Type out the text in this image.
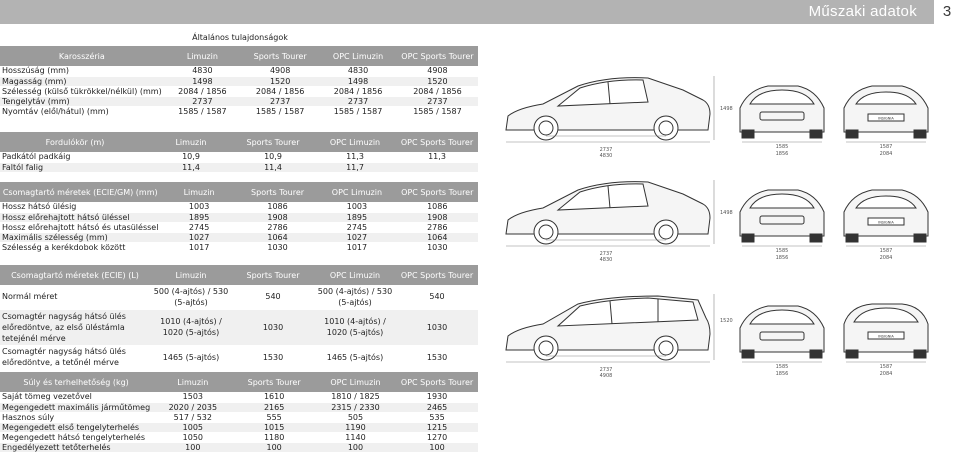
Műszaki adatok	3
Általános tulajdonságok
Karosszéria	Limuzin	Sports Tourer	OPC Limuzin	OPC Sports Tourer
Hosszúság (mm)	4830	4908	4830	4908
Magasság (mm)	1498	1520	1498	1520
Szélesség (külső tükrökkel/nélkül) (mm)	2084 / 1856	2084 / 1856	2084 / 1856	2084 / 1856
Tengelytáv (mm)	2737	2737	2737	2737
Nyomtáv (elől/hátul) (mm)	1585 / 1587	1585 / 1587	1585 / 1587	1585 / 1587
Fordulókör (m)	Limuzin	Sports Tourer	OPC Limuzin	OPC Sports Tourer
Padkától padkáig	10,9	10,9	11,3	11,3
Faltól falig	11,4	11,4	11,7	
Csomagtartó méretek (ECIE/GM) (mm)	Limuzin	Sports Tourer	OPC Limuzin	OPC Sports Tourer
Hossz hátsó ülésig	1003	1086	1003	1086
Hossz előrehajtott hátsó üléssel	1895	1908	1895	1908
Hossz előrehajtott hátsó és utasüléssel	2745	2786	2745	2786
Maximális szélesség (mm)	1027	1064	1027	1064
Szélesség a kerékdobok között	1017	1030	1017	1030
Csomagtartó méretek (ECIE) (L)	Limuzin	Sports Tourer	OPC Limuzin	OPC Sports Tourer
Normál méret	500 (4-ajtós) / 530 (5-ajtós)	540	500 (4-ajtós) / 530 (5-ajtós)	540
Csomagtér nagyság hátsó ülés előredöntve, az első üléstámla tetejénél mérve	1010 (4-ajtós) / 1020 (5-ajtós)	1030	1010 (4-ajtós) / 1020 (5-ajtós)	1030
Csomagtér nagyság hátsó ülés előredöntve, a tetőnél mérve	1465 (5-ajtós)	1530	1465 (5-ajtós)	1530
Súly és terhelhetőség (kg)	Limuzin	Sports Tourer	OPC Limuzin	OPC Sports Tourer
Saját tömeg vezetővel	1503	1610	1810 / 1825	1930
Megengedett maximális járműtömeg	2020 / 2035	2165	2315 / 2330	2465
Hasznos súly	517 / 532	555	505	535
Megengedett első tengelyterhelés	1005	1015	1190	1215
Megengedett hátsó tengelyterhelés	1050	1180	1140	1270
Engedélyezett tetőterhelés	100	100	100	100
2737
4830
1498
1585
1856
INSIGNIA
1587
2084
2737
4830
1498
1585
1856
INSIGNIA
1587
2084
2737
4908
1520
1585
1856
INSIGNIA
1587
2084
